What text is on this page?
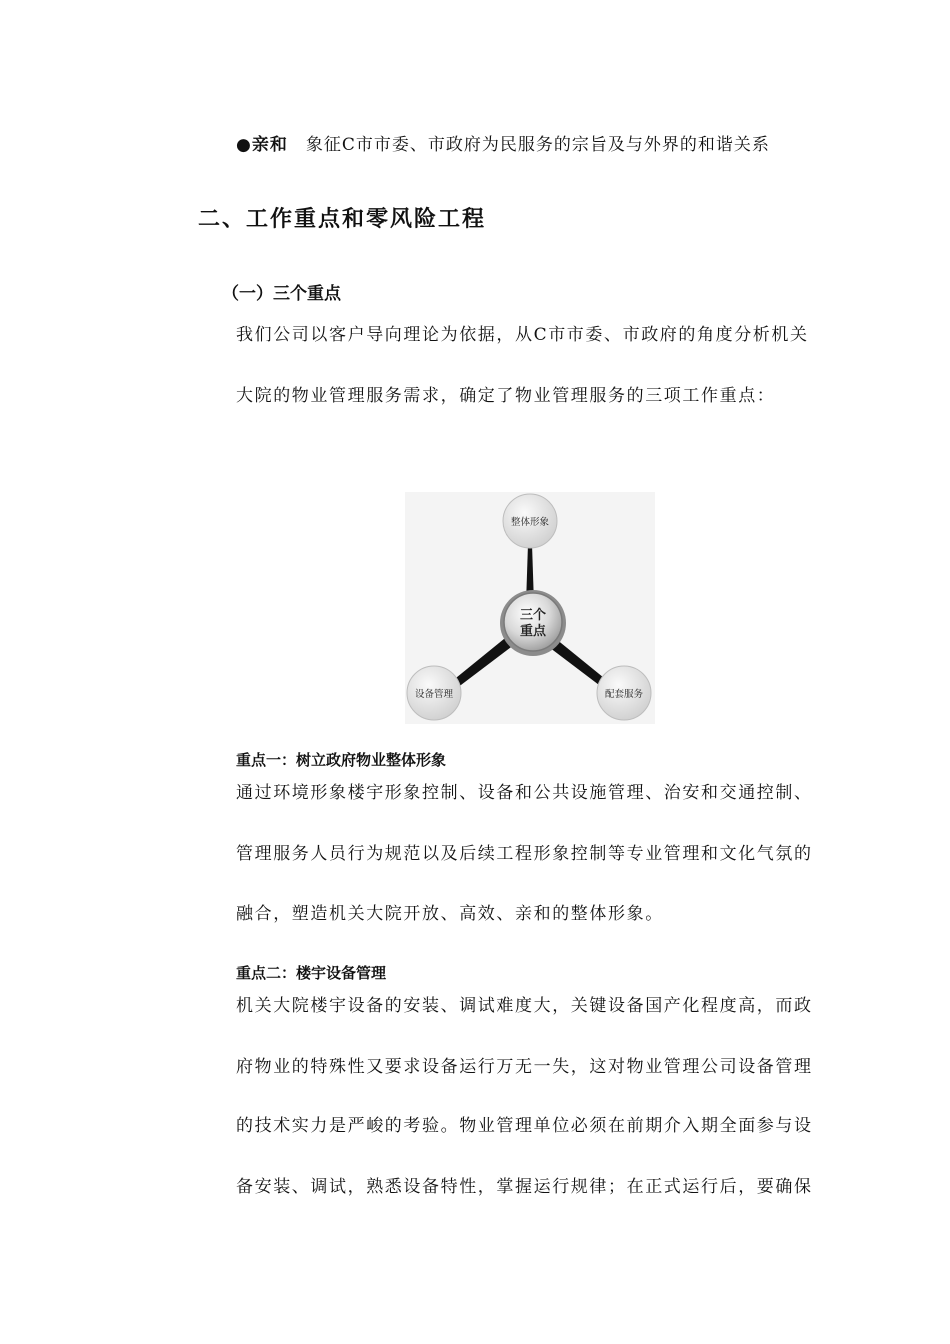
●亲和 象征C市市委、市政府为民服务的宗旨及与外界的和谐关系
二、工作重点和零风险工程
（一）三个重点
我们公司以客户导向理论为依据，从C市市委、市政府的角度分析机关
大院的物业管理服务需求，确定了物业管理服务的三项工作重点：
三个
重点
整体形象
设备管理	配套服务
重点一：树立政府物业整体形象
通过环境形象楼宇形象控制、设备和公共设施管理、治安和交通控制、
管理服务人员行为规范以及后续工程形象控制等专业管理和文化气氛的
融合，塑造机关大院开放、高效、亲和的整体形象。
重点二：楼宇设备管理
机关大院楼宇设备的安装、调试难度大，关键设备国产化程度高，而政
府物业的特殊性又要求设备运行万无一失，这对物业管理公司设备管理
的技术实力是严峻的考验。物业管理单位必须在前期介入期全面参与设
备安装、调试，熟悉设备特性，掌握运行规律；在正式运行后，要确保
